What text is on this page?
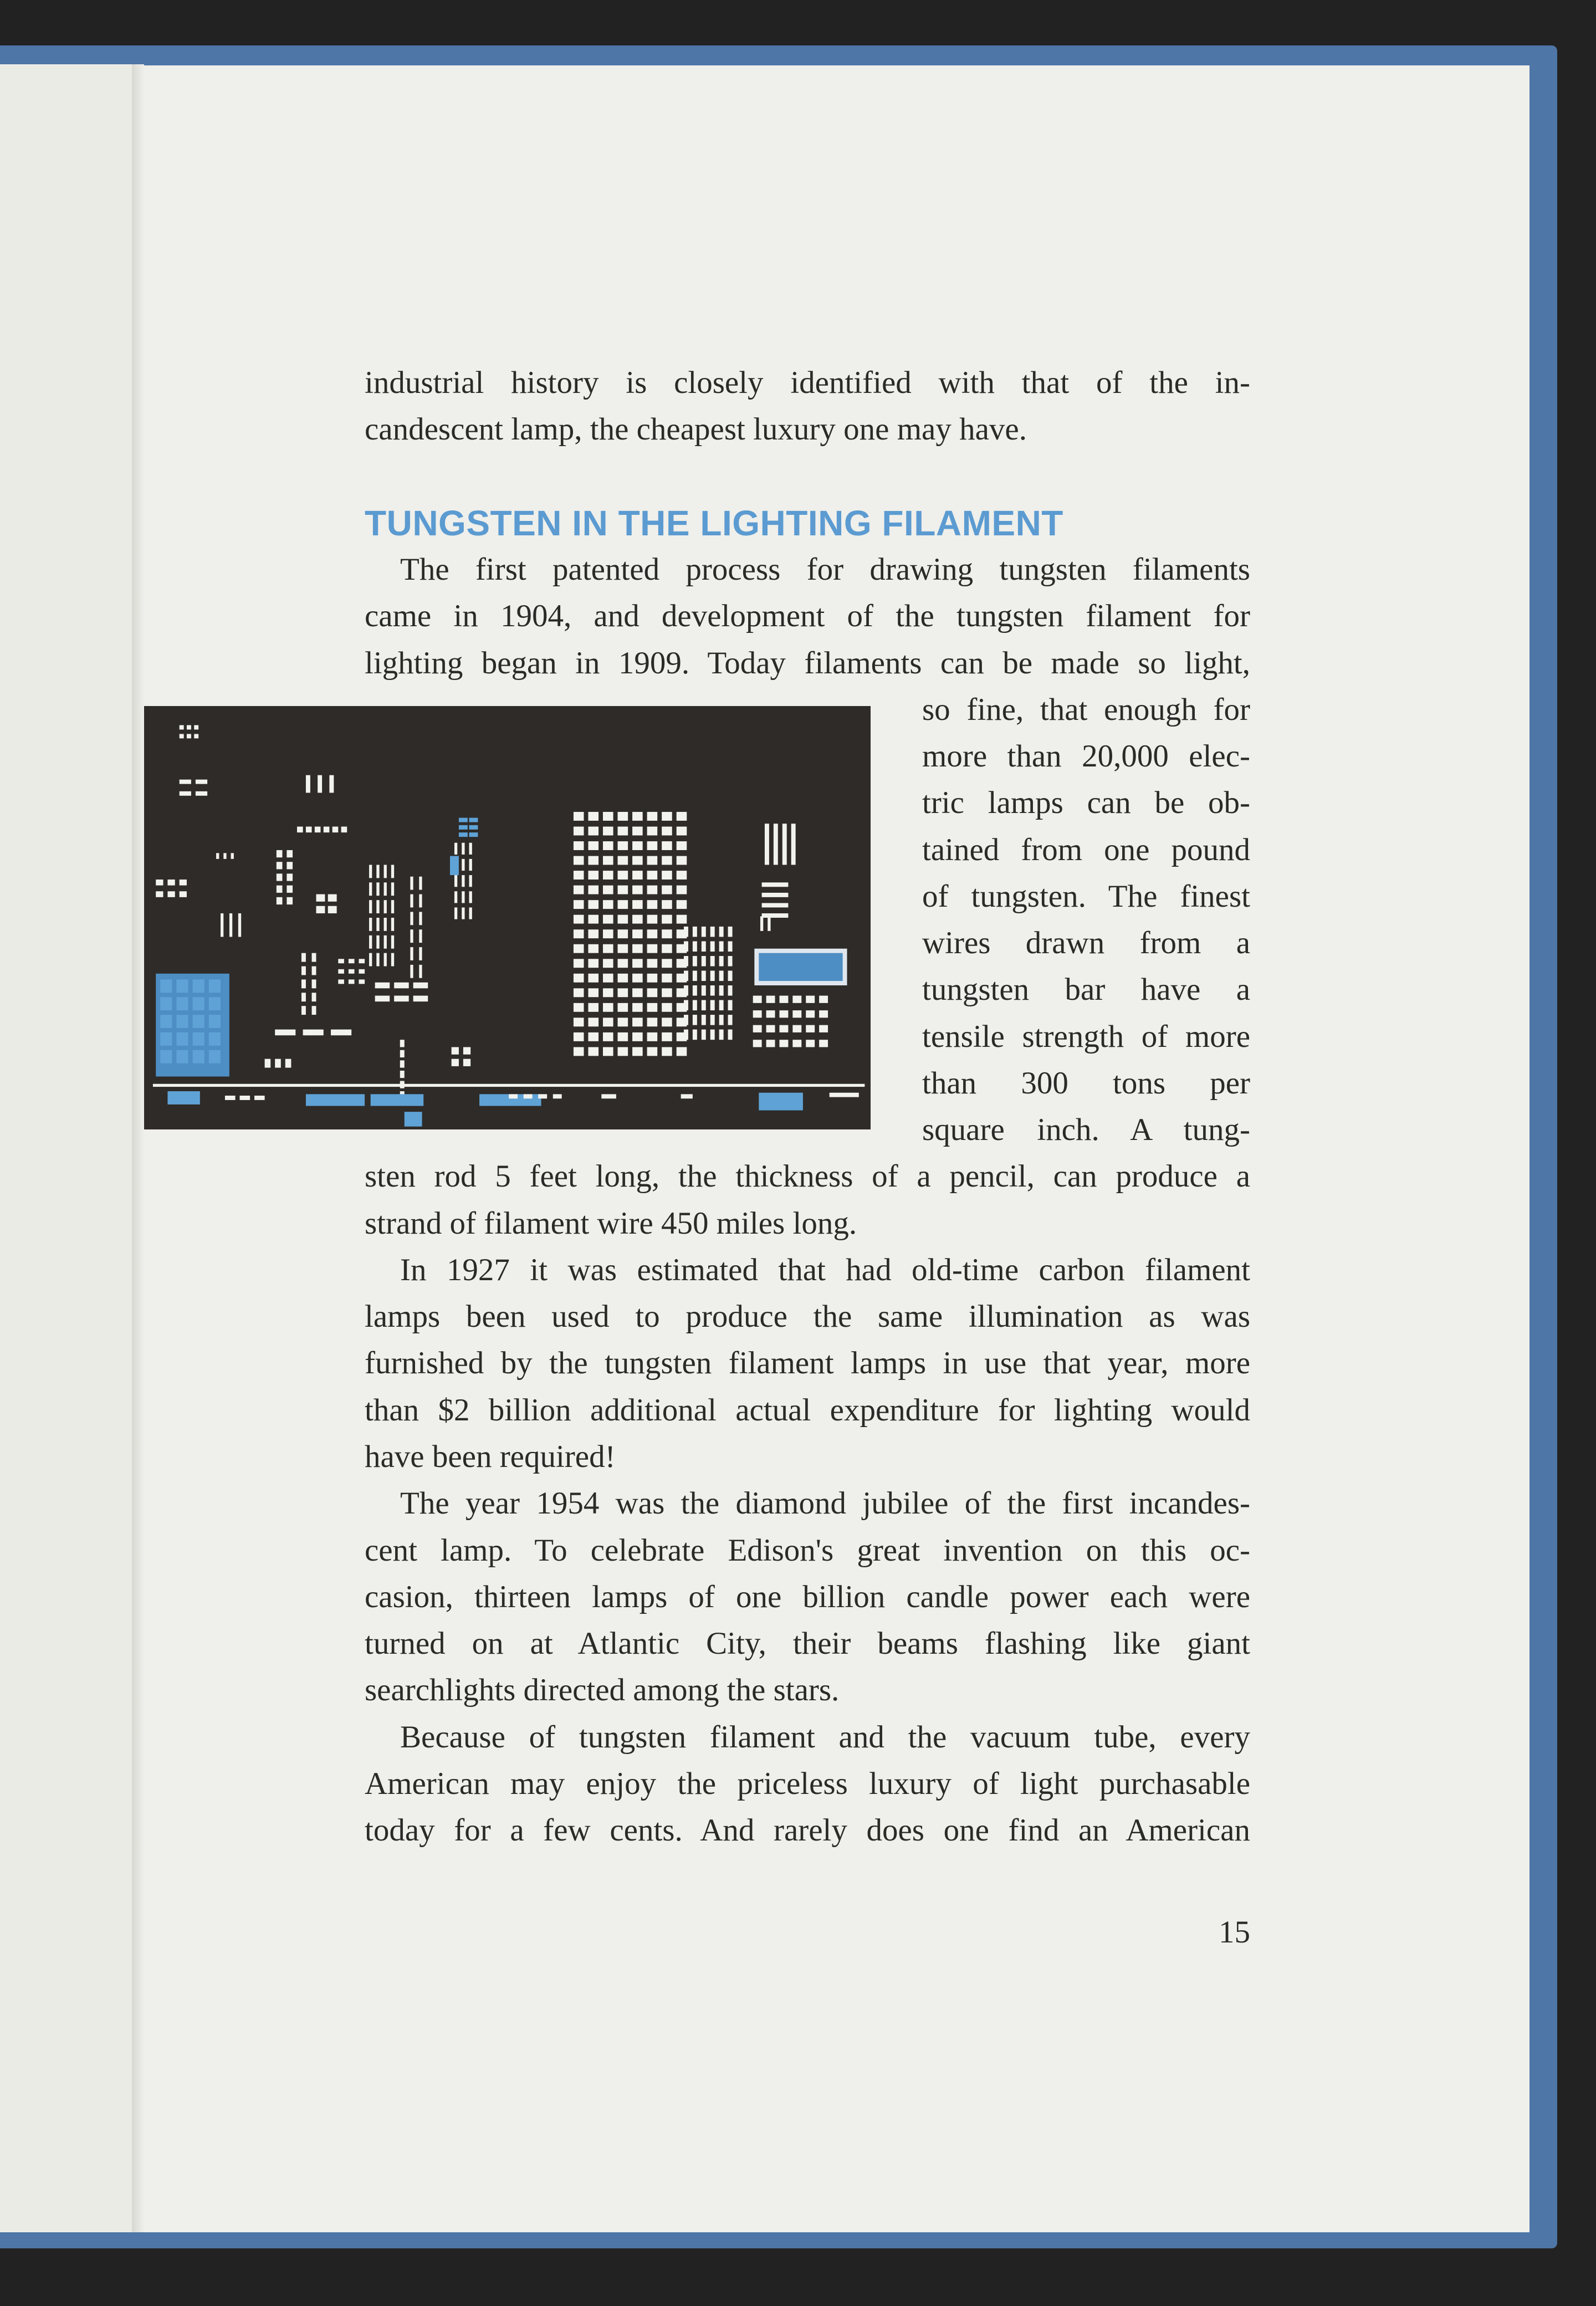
TUNGSTEN IN THE LIGHTING FILAMENT
industrial history is closely identified with that of the in-
candescent lamp, the cheapest luxury one may have.
The first patented process for drawing tungsten filaments
came in 1904, and development of the tungsten filament for
lighting began in 1909. Today filaments can be made so light,
so fine, that enough for
more than 20,000 elec-
tric lamps can be ob-
tained from one pound
of tungsten. The finest
wires drawn from a
tungsten bar have a
tensile strength of more
than 300 tons per
square inch. A tung-
sten rod 5 feet long, the thickness of a pencil, can produce a
strand of filament wire 450 miles long.
In 1927 it was estimated that had old-time carbon filament
lamps been used to produce the same illumination as was
furnished by the tungsten filament lamps in use that year, more
than $2 billion additional actual expenditure for lighting would
have been required!
The year 1954 was the diamond jubilee of the first incandes-
cent lamp. To celebrate Edison's great invention on this oc-
casion, thirteen lamps of one billion candle power each were
turned on at Atlantic City, their beams flashing like giant
searchlights directed among the stars.
Because of tungsten filament and the vacuum tube, every
American may enjoy the priceless luxury of light purchasable
today for a few cents. And rarely does one find an American
15
